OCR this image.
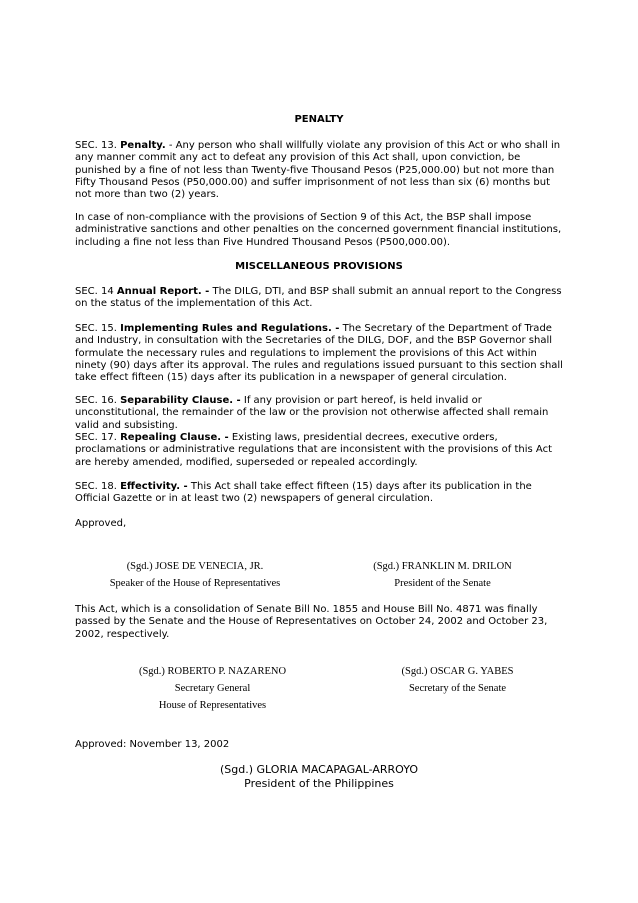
PENALTY

SEC. 13. Penalty. - Any person who shall willfully violate any provision of this Act or who shall in any manner commit any act to defeat any provision of this Act shall, upon conviction, be punished by a fine of not less than Twenty-five Thousand Pesos (P25,000.00) but not more than Fifty Thousand Pesos (P50,000.00) and suffer imprisonment of not less than six (6) months but not more than two (2) years.

In case of non-compliance with the provisions of Section 9 of this Act, the BSP shall impose administrative sanctions and other penalties on the concerned government financial institutions, including a fine not less than Five Hundred Thousand Pesos (P500,000.00).

MISCELLANEOUS PROVISIONS

SEC. 14 Annual Report. - The DILG, DTI, and BSP shall submit an annual report to the Congress on the status of the implementation of this Act.

SEC. 15. Implementing Rules and Regulations. - The Secretary of the Department of Trade and Industry, in consultation with the Secretaries of the DILG, DOF, and the BSP Governor shall formulate the necessary rules and regulations to implement the provisions of this Act within ninety (90) days after its approval. The rules and regulations issued pursuant to this section shall take effect fifteen (15) days after its publication in a newspaper of general circulation.

SEC. 16. Separability Clause. - If any provision or part hereof, is held invalid or unconstitutional, the remainder of the law or the provision not otherwise affected shall remain valid and subsisting.

SEC. 17. Repealing Clause. - Existing laws, presidential decrees, executive orders, proclamations or administrative regulations that are inconsistent with the provisions of this Act are hereby amended, modified, superseded or repealed accordingly.

SEC. 18. Effectivity. - This Act shall take effect fifteen (15) days after its publication in the Official Gazette or in at least two (2) newspapers of general circulation.

Approved,

(Sgd.) JOSE DE VENECIA, JR.
Speaker of the House of Representatives
(Sgd.) FRANKLIN M. DRILON
President of the Senate

This Act, which is a consolidation of Senate Bill No. 1855 and House Bill No. 4871 was finally passed by the Senate and the House of Representatives on October 24, 2002 and October 23, 2002, respectively.

(Sgd.) ROBERTO P. NAZARENO
Secretary General
House of Representatives
(Sgd.) OSCAR G. YABES
Secretary of the Senate

Approved: November 13, 2002

(Sgd.) GLORIA MACAPAGAL-ARROYO
President of the Philippines
